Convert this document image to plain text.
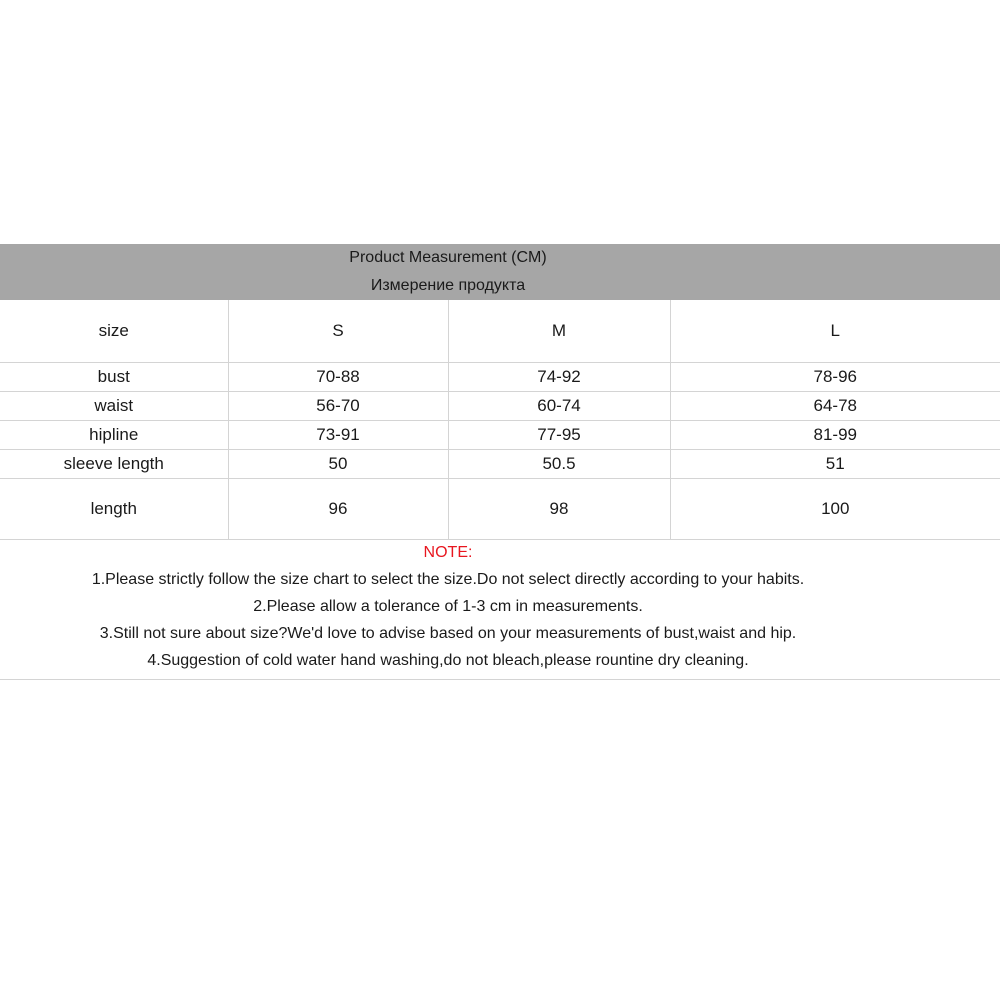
Product Measurement (CM)
Измерение продукта
size	S	M	L
bust	70-88	74-92	78-96
waist	56-70	60-74	64-78
hipline	73-91	77-95	81-99
sleeve length	50	50.5	51
length	96	98	100
NOTE:
1.Please strictly follow the size chart to select the size.Do not select directly according to your habits.
2.Please allow a tolerance of 1-3 cm in measurements.
3.Still not sure about size?We'd love to advise based on your measurements of bust,waist and hip.
4.Suggestion of cold water hand washing,do not bleach,please rountine dry cleaning.
